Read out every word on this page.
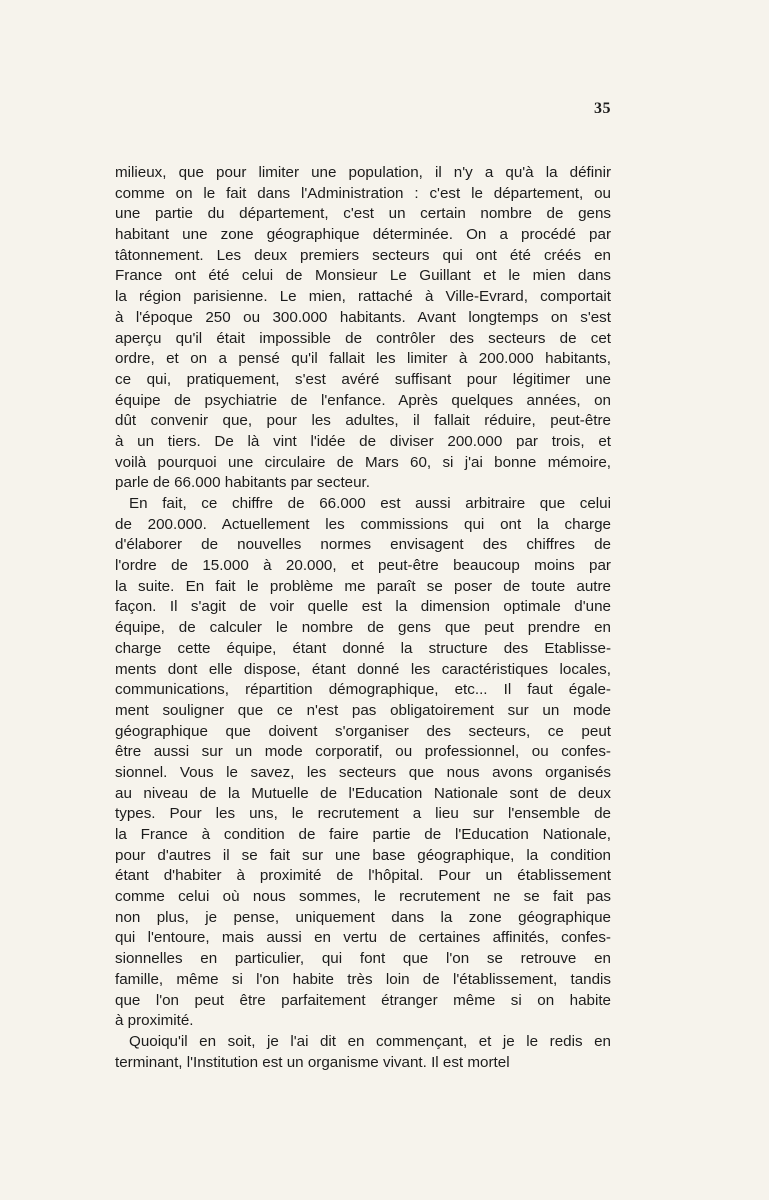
35
milieux, que pour limiter une population, il n'y a qu'à la définir
comme on le fait dans l'Administration : c'est le département, ou
une partie du département, c'est un certain nombre de gens
habitant une zone géographique déterminée. On a procédé par
tâtonnement. Les deux premiers secteurs qui ont été créés en
France ont été celui de Monsieur Le Guillant et le mien dans
la région parisienne. Le mien, rattaché à Ville-Evrard, comportait
à l'époque 250 ou 300.000 habitants. Avant longtemps on s'est
aperçu qu'il était impossible de contrôler des secteurs de cet
ordre, et on a pensé qu'il fallait les limiter à 200.000 habitants,
ce qui, pratiquement, s'est avéré suffisant pour légitimer une
équipe de psychiatrie de l'enfance. Après quelques années, on
dût convenir que, pour les adultes, il fallait réduire, peut-être
à un tiers. De là vint l'idée de diviser 200.000 par trois, et
voilà pourquoi une circulaire de Mars 60, si j'ai bonne mémoire,
parle de 66.000 habitants par secteur.
En fait, ce chiffre de 66.000 est aussi arbitraire que celui
de 200.000. Actuellement les commissions qui ont la charge
d'élaborer de nouvelles normes envisagent des chiffres de
l'ordre de 15.000 à 20.000, et peut-être beaucoup moins par
la suite. En fait le problème me paraît se poser de toute autre
façon. Il s'agit de voir quelle est la dimension optimale d'une
équipe, de calculer le nombre de gens que peut prendre en
charge cette équipe, étant donné la structure des Etablisse-
ments dont elle dispose, étant donné les caractéristiques locales,
communications, répartition démographique, etc... Il faut égale-
ment souligner que ce n'est pas obligatoirement sur un mode
géographique que doivent s'organiser des secteurs, ce peut
être aussi sur un mode corporatif, ou professionnel, ou confes-
sionnel. Vous le savez, les secteurs que nous avons organisés
au niveau de la Mutuelle de l'Education Nationale sont de deux
types. Pour les uns, le recrutement a lieu sur l'ensemble de
la France à condition de faire partie de l'Education Nationale,
pour d'autres il se fait sur une base géographique, la condition
étant d'habiter à proximité de l'hôpital. Pour un établissement
comme celui où nous sommes, le recrutement ne se fait pas
non plus, je pense, uniquement dans la zone géographique
qui l'entoure, mais aussi en vertu de certaines affinités, confes-
sionnelles en particulier, qui font que l'on se retrouve en
famille, même si l'on habite très loin de l'établissement, tandis
que l'on peut être parfaitement étranger même si on habite
à proximité.
Quoiqu'il en soit, je l'ai dit en commençant, et je le redis en
terminant, l'Institution est un organisme vivant. Il est mortel
